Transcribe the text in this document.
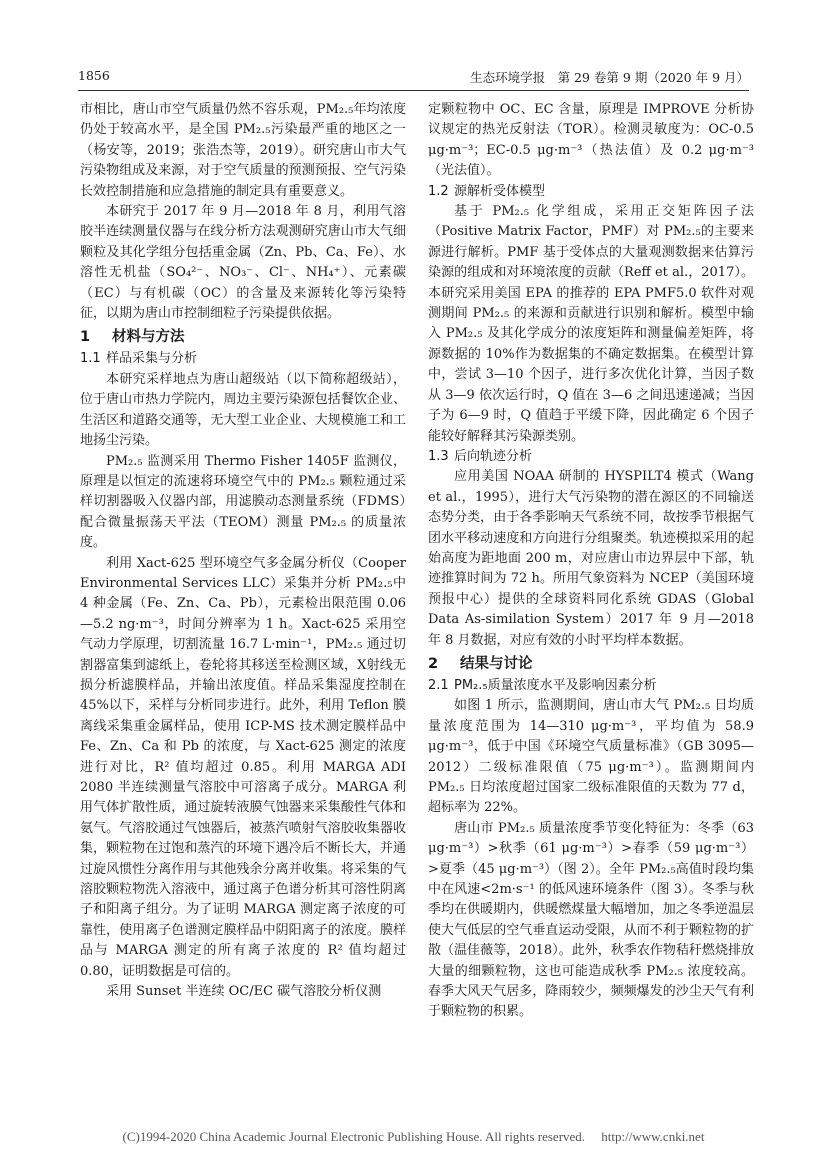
1856	生态环境学报　第 29 卷第 9 期（2020 年 9 月）

市相比，唐山市空气质量仍然不容乐观，PM₂.₅年均浓度仍处于较高水平，是全国 PM₂.₅污染最严重的地区之一（杨安等，2019；张浩杰等，2019）。研究唐山市大气污染物组成及来源，对于空气质量的预测预报、空气污染长效控制措施和应急措施的制定具有重要意义。

本研究于 2017 年 9 月—2018 年 8 月，利用气溶胶半连续测量仪器与在线分析方法观测研究唐山市大气细颗粒及其化学组分包括重金属（Zn、Pb、Ca、Fe）、水溶性无机盐（SO₄²⁻、NO₃⁻、Cl⁻、NH₄⁺）、元素碳（EC）与有机碳（OC）的含量及来源转化等污染特征，以期为唐山市控制细粒子污染提供依据。

1 材料与方法
1.1 样品采集与分析

本研究采样地点为唐山超级站（以下简称超级站），位于唐山市热力学院内，周边主要污染源包括餐饮企业、生活区和道路交通等，无大型工业企业、大规模施工和工地扬尘污染。

PM₂.₅ 监测采用 Thermo Fisher 1405F 监测仪，原理是以恒定的流速将环境空气中的 PM₂.₅ 颗粒通过采样切割器吸入仪器内部，用滤膜动态测量系统（FDMS）配合微量振荡天平法（TEOM）测量 PM₂.₅ 的质量浓度。

利用 Xact-625 型环境空气多金属分析仪（Cooper Environmental Services LLC）采集并分析 PM₂.₅中 4 种金属（Fe、Zn、Ca、Pb），元素检出限范围 0.06—5.2 ng·m⁻³，时间分辨率为 1 h。Xact-625 采用空气动力学原理，切割流量 16.7 L·min⁻¹，PM₂.₅ 通过切割器富集到滤纸上，卷轮将其移送至检测区域，X射线无损分析滤膜样品，并输出浓度值。样品采集湿度控制在 45%以下，采样与分析同步进行。此外，利用 Teflon 膜离线采集重金属样品，使用 ICP-MS 技术测定膜样品中 Fe、Zn、Ca 和 Pb 的浓度，与 Xact-625 测定的浓度进行对比，R² 值均超过 0.85。利用 MARGA ADI 2080 半连续测量气溶胶中可溶离子成分。MARGA 利用气体扩散性质，通过旋转液膜气蚀器来采集酸性气体和氨气。气溶胶通过气蚀器后，被蒸汽喷射气溶胶收集器收集，颗粒物在过饱和蒸汽的环境下遇冷后不断长大，并通过旋风惯性分离作用与其他残余分离并收集。将采集的气溶胶颗粒物洗入溶液中，通过离子色谱分析其可溶性阴离子和阳离子组分。为了证明 MARGA 测定离子浓度的可靠性，使用离子色谱测定膜样品中阴阳离子的浓度。膜样品与 MARGA 测定的所有离子浓度的 R² 值均超过 0.80，证明数据是可信的。

采用 Sunset 半连续 OC/EC 碳气溶胶分析仪测

定颗粒物中 OC、EC 含量，原理是 IMPROVE 分析协议规定的热光反射法（TOR）。检测灵敏度为：OC-0.5 μg·m⁻³；EC-0.5 μg·m⁻³（热法值）及 0.2 μg·m⁻³（光法值）。

1.2 源解析受体模型

基于 PM₂.₅ 化学组成，采用正交矩阵因子法（Positive Matrix Factor，PMF）对 PM₂.₅的主要来源进行解析。PMF 基于受体点的大量观测数据来估算污染源的组成和对环境浓度的贡献（Reff et al.，2017）。本研究采用美国 EPA 的推荐的 EPA PMF5.0 软件对观测期间 PM₂.₅ 的来源和贡献进行识别和解析。模型中输入 PM₂.₅ 及其化学成分的浓度矩阵和测量偏差矩阵，将源数据的 10%作为数据集的不确定数据集。在模型计算中，尝试 3—10 个因子，进行多次优化计算，当因子数从 3—9 依次运行时，Q 值在 3—6 之间迅速递减；当因子为 6—9 时，Q 值趋于平缓下降，因此确定 6 个因子能较好解释其污染源类别。

1.3 后向轨迹分析

应用美国 NOAA 研制的 HYSPILT4 模式（Wang et al.，1995），进行大气污染物的潜在源区的不同输送态势分类，由于各季影响天气系统不同，故按季节根据气团水平移动速度和方向进行分组聚类。轨迹模拟采用的起始高度为距地面 200 m，对应唐山市边界层中下部，轨迹推算时间为 72 h。所用气象资料为 NCEP（美国环境预报中心）提供的全球资料同化系统 GDAS（Global Data As-similation System）2017 年 9 月—2018 年 8 月数据，对应有效的小时平均样本数据。

2 结果与讨论
2.1 PM₂.₅质量浓度水平及影响因素分析

如图 1 所示，监测期间，唐山市大气 PM₂.₅ 日均质量浓度范围为 14—310 μg·m⁻³，平均值为 58.9 μg·m⁻³，低于中国《环境空气质量标准》（GB 3095—2012）二级标准限值（75 μg·m⁻³）。监测期间内 PM₂.₅ 日均浓度超过国家二级标准限值的天数为 77 d，超标率为 22%。

唐山市 PM₂.₅ 质量浓度季节变化特征为：冬季（63 μg·m⁻³）>秋季（61 μg·m⁻³）>春季（59 μg·m⁻³）>夏季（45 μg·m⁻³）（图 2）。全年 PM₂.₅高值时段均集中在风速<2m·s⁻¹ 的低风速环境条件（图 3）。冬季与秋季均在供暖期内，供暖燃煤量大幅增加，加之冬季逆温层使大气低层的空气垂直运动受限，从而不利于颗粒物的扩散（温佳薇等，2018）。此外，秋季农作物秸秆燃烧排放大量的细颗粒物，这也可能造成秋季 PM₂.₅ 浓度较高。春季大风天气居多，降雨较少，频频爆发的沙尘天气有利于颗粒物的积累。

(C)1994-2020 China Academic Journal Electronic Publishing House. All rights reserved.　 http://www.cnki.net
